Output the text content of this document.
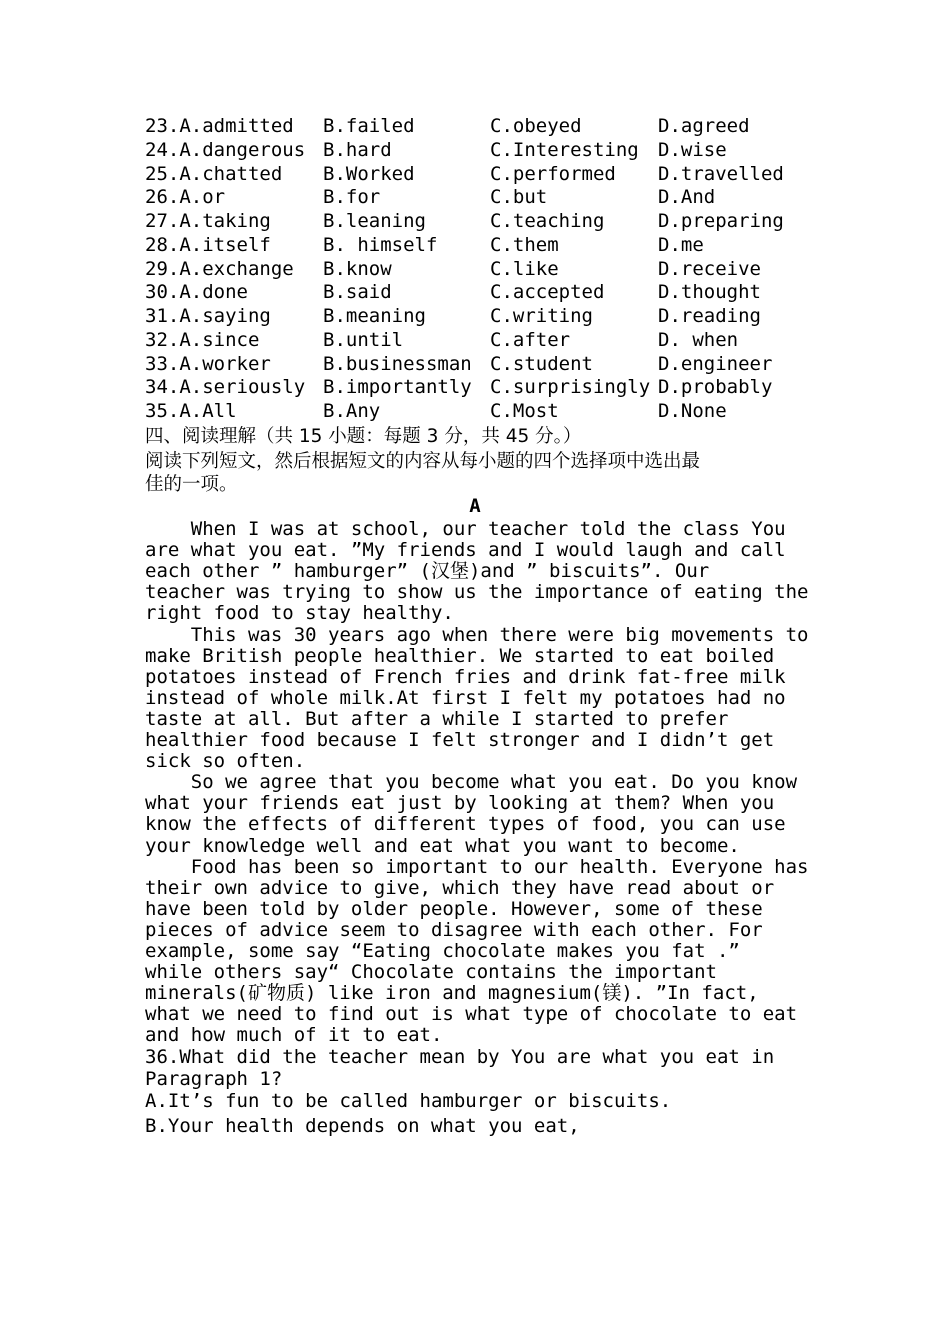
23.A.admitted B.failed	C.obeyed	D.agreed
24.A.dangerous B.hard	C.Interesting D.wise
25.A.chatted B.Worked	C.performed D.travelled
26.A.or	B.for	C.but	D.And
27.A.taking	B.leaning	C.teaching	D.preparing
28.A.itself	B. himself	C.them	D.me
29.A.exchange B.know	C.like	D.receive
30.A.done	B.said	C.accepted	D.thought
31.A.saying	B.meaning	C.writing	D.reading
32.A.since	B.until	C.after	D. when
33.A.worker	B.businessman C.student	D.engineer
34.A.seriously B.importantly C.surprisingly D.probably
35.A.All	B.Any	C.Most	D.None
四、阅读理解（共 15 小题：每题 3 分，共 45 分。）
阅读下列短文，然后根据短文的内容从每小题的四个选择项中选出最
佳的一项。
A
When I was at school, our teacher told the class You
are what you eat. ”My friends and I would laugh and call
each other ” hamburger” (汉堡)and ” biscuits”. Our
teacher was trying to show us the importance of eating the
right food to stay healthy.
This was 30 years ago when there were big movements to
make British people healthier. We started to eat boiled
potatoes instead of French fries and drink fat-free milk
instead of whole milk.At first I felt my potatoes had no
taste at all. But after a while I started to prefer
healthier food because I felt stronger and I didn’t get
sick so often.
So we agree that you become what you eat. Do you know
what your friends eat just by looking at them? When you
know the effects of different types of food, you can use
your knowledge well and eat what you want to become.
Food has been so important to our health. Everyone has
their own advice to give, which they have read about or
have been told by older people. However, some of these
pieces of advice seem to disagree with each other. For
example, some say “Eating chocolate makes you fat .”
while others say“ Chocolate contains the important
minerals(矿物质) like iron and magnesium(镁). ”In fact,
what we need to find out is what type of chocolate to eat
and how much of it to eat.
36.What did the teacher mean by You are what you eat in
Paragraph 1?
A.It’s fun to be called hamburger or biscuits.
B.Your health depends on what you eat,
